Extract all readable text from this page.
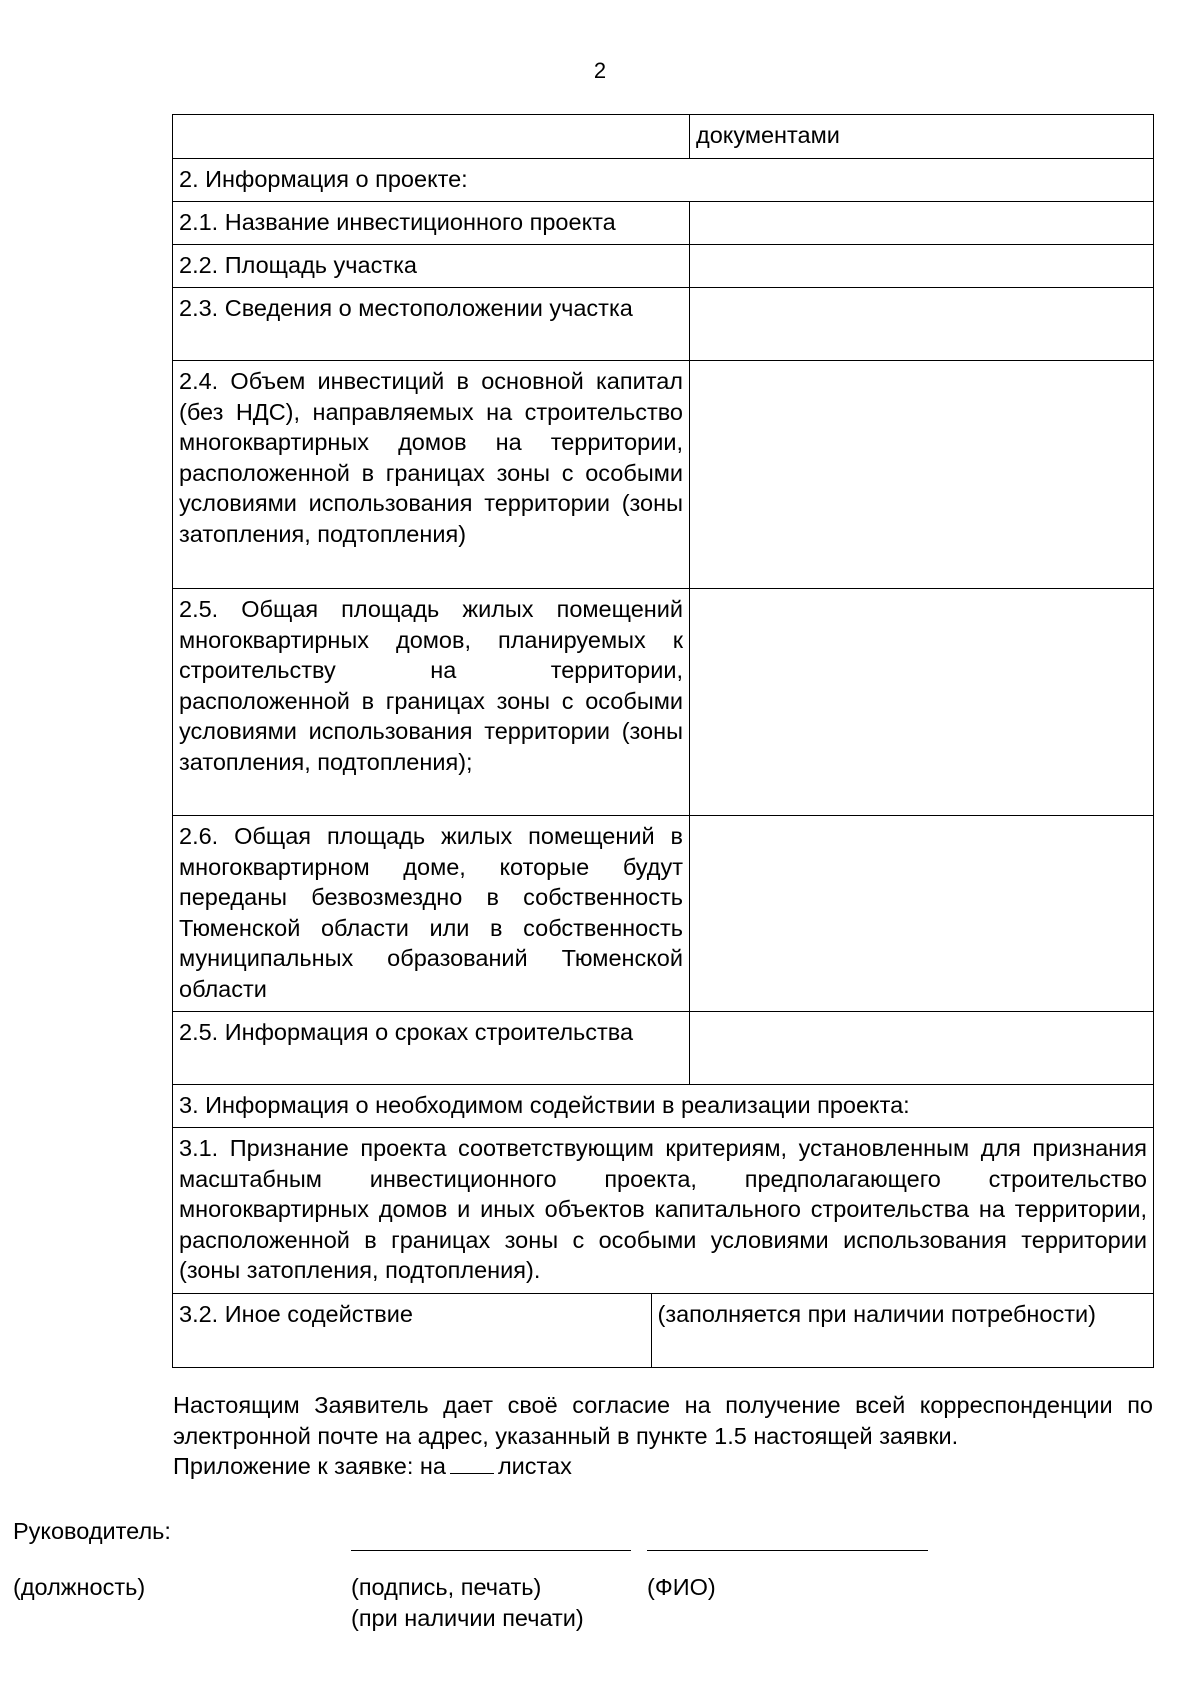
2
	документами
2. Информация о проекте:
2.1. Название инвестиционного проекта	
2.2. Площадь участка	
2.3. Сведения о местоположении участка	
2.4. Объем инвестиций в основной капитал (без НДС), направляемых на строительство многоквартирных домов на территории, расположенной в границах зоны с особыми условиями использования территории (зоны затопления, подтопления)	
2.5. Общая площадь жилых помещений многоквартирных домов, планируемых к строительству на территории, расположенной в границах зоны с особыми условиями использования территории (зоны затопления, подтопления);	
2.6. Общая площадь жилых помещений в многоквартирном доме, которые будут переданы безвозмездно в собственность Тюменской области или в собственность муниципальных образований Тюменской области	
2.5. Информация о сроках строительства	
3. Информация о необходимом содействии в реализации проекта:
3.1. Признание проекта соответствующим критериям, установленным для признания масштабным инвестиционного проекта, предполагающего строительство многоквартирных домов и иных объектов капитального строительства на территории, расположенной в границах зоны с особыми условиями использования территории (зоны затопления, подтопления).

3.2. Иное содействие	(заполняется при наличии потребности)

Настоящим Заявитель дает своё согласие на получение всей корреспонденции по электронной почте на адрес, указанный в пункте 1.5 настоящей заявки.

Приложение к заявке: на листах

Руководитель:
(подпись, печать)
(при наличии печати)
(ФИО)
(должность)
